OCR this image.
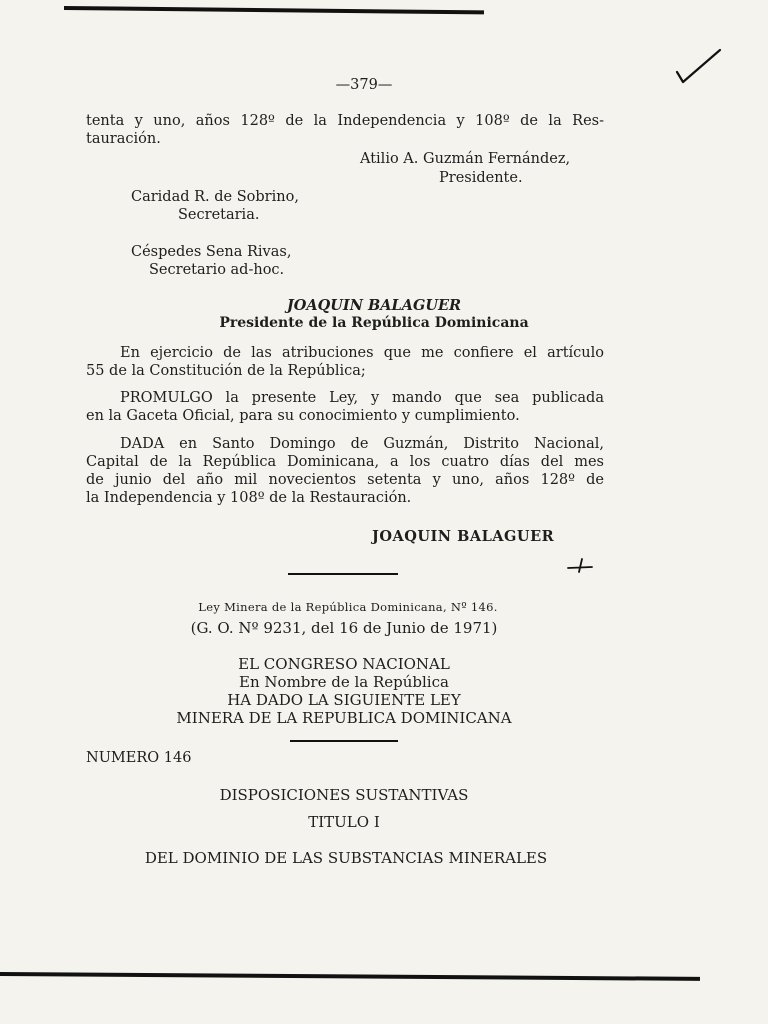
—379—
tenta y uno, años 128º de la Independencia y 108º de la Res-
tauración.
Atilio A. Guzmán Fernández,
Presidente.
Caridad R. de Sobrino,
Secretaria.
Céspedes Sena Rivas,
Secretario ad-hoc.
JOAQUIN BALAGUER
Presidente de la República Dominicana
En ejercicio de las atribuciones que me confiere el artículo
55 de la Constitución de la República;
PROMULGO la presente Ley, y mando que sea publicada
en la Gaceta Oficial, para su conocimiento y cumplimiento.
DADA en Santo Domingo de Guzmán, Distrito Nacional,
Capital de la República Dominicana, a los cuatro días del mes
de junio del año mil novecientos setenta y uno, años 128º de
la Independencia y 108º de la Restauración.
JOAQUIN BALAGUER
Ley Minera de la República Dominicana, Nº 146.
(G. O. Nº 9231, del 16 de Junio de 1971)
EL CONGRESO NACIONAL
En Nombre de la República
HA DADO LA SIGUIENTE LEY
MINERA DE LA REPUBLICA DOMINICANA
NUMERO 146
DISPOSICIONES SUSTANTIVAS
TITULO I
DEL DOMINIO DE LAS SUBSTANCIAS MINERALES
